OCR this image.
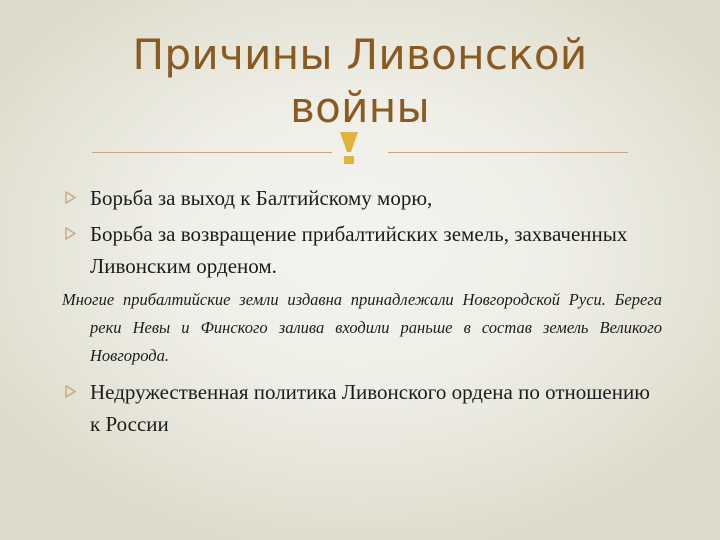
Причины Ливонской
войны
Борьба за выход к Балтийскому морю,
Борьба за возвращение прибалтийских земель, захваченных Ливонским орденом.
Многие прибалтийские земли издавна принадлежали Новгородской Руси. Берега реки Невы и Финского залива входили раньше в состав земель Великого Новгорода.
Недружественная политика Ливонского ордена по отношению к России
